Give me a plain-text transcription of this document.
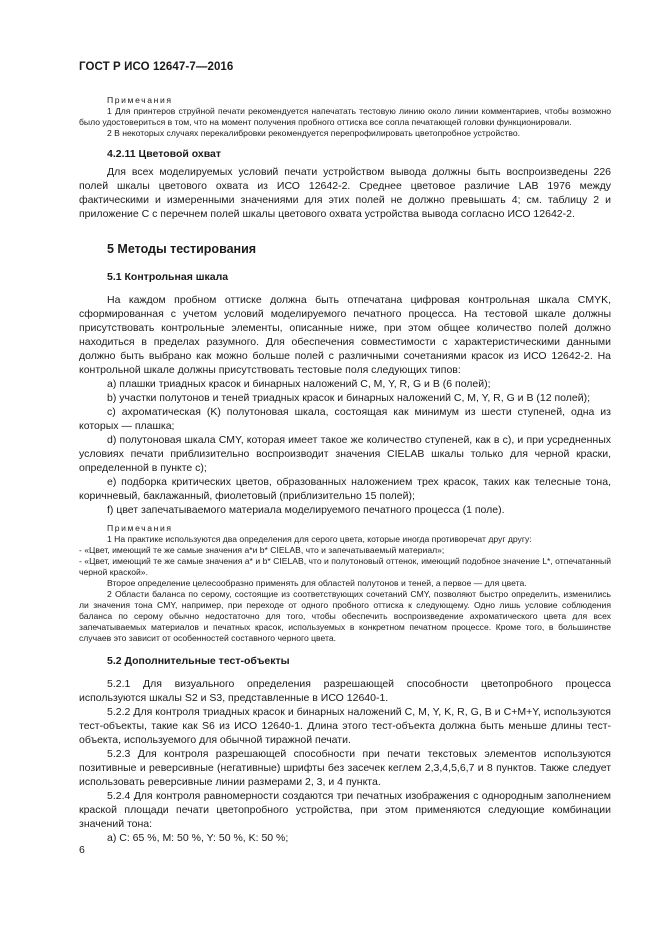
ГОСТ Р ИСО 12647-7—2016

Примечания

1 Для принтеров струйной печати рекомендуется напечатать тестовую линию около линии комментариев, чтобы возможно было удостовериться в том, что на момент получения пробного оттиска все сопла печатающей головки функционировали.

2 В некоторых случаях перекалибровки рекомендуется перепрофилировать цветопробное устройство.

4.2.11 Цветовой охват

Для всех моделируемых условий печати устройством вывода должны быть воспроизведены 226 полей шкалы цветового охвата из ИСО 12642-2. Среднее цветовое различие LAB 1976 между фактическими и измеренными значениями для этих полей не должно превышать 4; см. таблицу 2 и приложение С с перечнем полей шкалы цветового охвата устройства вывода согласно ИСО 12642-2.

5 Методы тестирования

5.1 Контрольная шкала

На каждом пробном оттиске должна быть отпечатана цифровая контрольная шкала CMYK, сформированная с учетом условий моделируемого печатного процесса. На тестовой шкале должны присутствовать контрольные элементы, описанные ниже, при этом общее количество полей должно находиться в пределах разумного. Для обеспечения совместимости с характеристическими данными должно быть выбрано как можно больше полей с различными сочетаниями красок из ИСО 12642-2. На контрольной шкале должны присутствовать тестовые поля следующих типов:

a) плашки триадных красок и бинарных наложений C, M, Y, R, G и B (6 полей);

b) участки полутонов и теней триадных красок и бинарных наложений C, M, Y, R, G и B (12 полей);

c) ахроматическая (K) полутоновая шкала, состоящая как минимум из шести ступеней, одна из которых — плашка;

d) полутоновая шкала CMY, которая имеет такое же количество ступеней, как в c), и при усредненных условиях печати приблизительно воспроизводит значения CIELAB шкалы только для черной краски, определенной в пункте c);

e) подборка критических цветов, образованных наложением трех красок, таких как телесные тона, коричневый, баклажанный, фиолетовый (приблизительно 15 полей);

f) цвет запечатываемого материала моделируемого печатного процесса (1 поле).

Примечания

1 На практике используются два определения для серого цвета, которые иногда противоречат друг другу:

- «Цвет, имеющий те же самые значения a*и b* CIELAB, что и запечатываемый материал»;

- «Цвет, имеющий те же самые значения a* и b* CIELAB, что и полутоновый оттенок, имеющий подобное значение L*, отпечатанный черной краской».

Второе определение целесообразно применять для областей полутонов и теней, а первое — для цвета.

2 Области баланса по серому, состоящие из соответствующих сочетаний CMY, позволяют быстро определить, изменились ли значения тона CMY, например, при переходе от одного пробного оттиска к следующему. Одно лишь условие соблюдения баланса по серому обычно недостаточно для того, чтобы обеспечить воспроизведение ахроматического цвета для всех запечатываемых материалов и печатных красок, используемых в конкретном печатном процессе. Кроме того, в большинстве случаев это зависит от особенностей составного черного цвета.

5.2 Дополнительные тест-объекты

5.2.1 Для визуального определения разрешающей способности цветопробного процесса используются шкалы S2 и S3, представленные в ИСО 12640-1.

5.2.2 Для контроля триадных красок и бинарных наложений C, M, Y, K, R, G, B и C+M+Y, используются тест-объекты, такие как S6 из ИСО 12640-1. Длина этого тест-объекта должна быть меньше длины тест-объекта, используемого для обычной тиражной печати.

5.2.3 Для контроля разрешающей способности при печати текстовых элементов используются позитивные и реверсивные (негативные) шрифты без засечек кеглем 2,3,4,5,6,7 и 8 пунктов. Также следует использовать реверсивные линии размерами 2, 3, и 4 пункта.

5.2.4 Для контроля равномерности создаются три печатных изображения с однородным заполнением краской площади печати цветопробного устройства, при этом применяются следующие комбинации значений тона:

a) C: 65 %, M: 50 %, Y: 50 %, K: 50 %;

6
